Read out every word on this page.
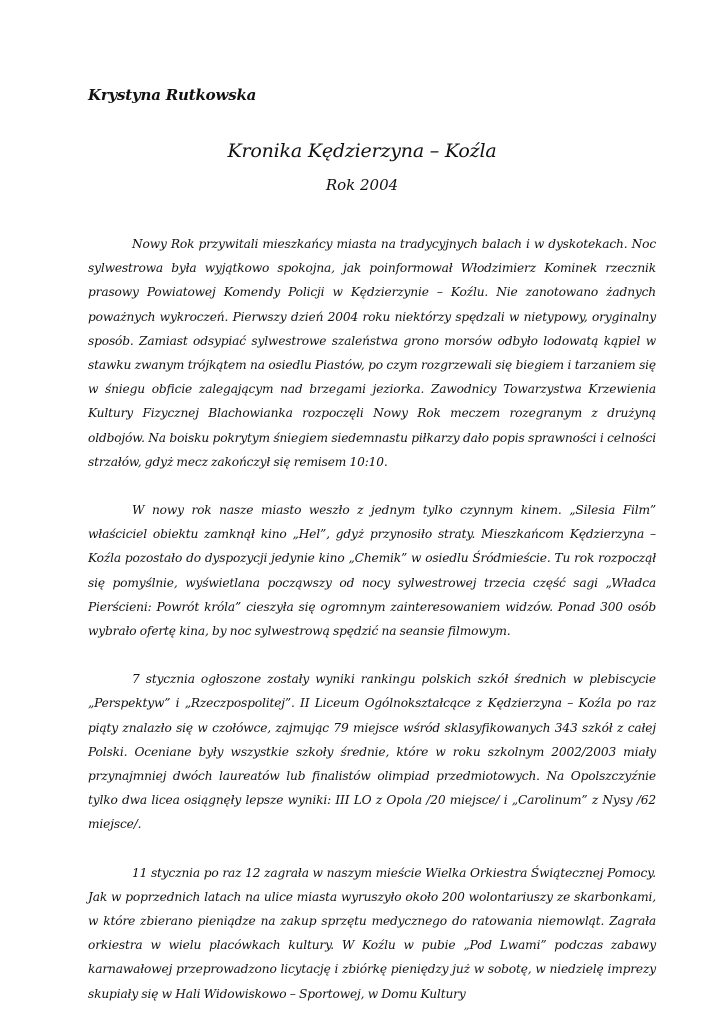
Krystyna Rutkowska
Kronika Kędzierzyna – Koźla
Rok 2004

Nowy Rok przywitali mieszkańcy miasta na tradycyjnych balach i w dyskotekach. Noc sylwestrowa była wyjątkowo spokojna, jak poinformował Włodzimierz Kominek rzecznik prasowy Powiatowej Komendy Policji w Kędzierzynie – Koźlu. Nie zanotowano żadnych poważnych wykroczeń. Pierwszy dzień 2004 roku niektórzy spędzali w nietypowy, oryginalny sposób. Zamiast odsypiać sylwestrowe szaleństwa grono morsów odbyło lodowatą kąpiel w stawku zwanym trójkątem na osiedlu Piastów, po czym rozgrzewali się biegiem i tarzaniem się w śniegu obficie zalegającym nad brzegami jeziorka. Zawodnicy Towarzystwa Krzewienia Kultury Fizycznej Blachowianka rozpoczęli Nowy Rok meczem rozegranym z drużyną oldbojów. Na boisku pokrytym śniegiem siedemnastu piłkarzy dało popis sprawności i celności strzałów, gdyż mecz zakończył się remisem 10:10.

W nowy rok nasze miasto weszło z jednym tylko czynnym kinem. „Silesia Film” właściciel obiektu zamknął kino „Hel”, gdyż przynosiło straty. Mieszkańcom Kędzierzyna – Koźla pozostało do dyspozycji jedynie kino „Chemik” w osiedlu Śródmieście. Tu rok rozpoczął się pomyślnie, wyświetlana począwszy od nocy sylwestrowej trzecia część sagi „Władca Pierścieni: Powrót króla” cieszyła się ogromnym zainteresowaniem widzów. Ponad 300 osób wybrało ofertę kina, by noc sylwestrową spędzić na seansie filmowym.

7 stycznia ogłoszone zostały wyniki rankingu polskich szkół średnich w plebiscycie „Perspektyw” i „Rzeczpospolitej”. II Liceum Ogólnokształcące z Kędzierzyna – Koźla po raz piąty znalazło się w czołówce, zajmując 79 miejsce wśród sklasyfikowanych 343 szkół z całej Polski. Oceniane były wszystkie szkoły średnie, które w roku szkolnym 2002/2003 miały przynajmniej dwóch laureatów lub finalistów olimpiad przedmiotowych. Na Opolszczyźnie tylko dwa licea osiągnęły lepsze wyniki: III LO z Opola /20 miejsce/ i „Carolinum” z Nysy /62 miejsce/.

11 stycznia po raz 12 zagrała w naszym mieście Wielka Orkiestra Świątecznej Pomocy. Jak w poprzednich latach na ulice miasta wyruszyło około 200 wolontariuszy ze skarbonkami, w które zbierano pieniądze na zakup sprzętu medycznego do ratowania niemowląt. Zagrała orkiestra w wielu placówkach kultury. W Koźlu w pubie „Pod Lwami” podczas zabawy karnawałowej przeprowadzono licytację i zbiórkę pieniędzy już w sobotę, w niedzielę imprezy skupiały się w Hali Widowiskowo – Sportowej, w Domu Kultury
